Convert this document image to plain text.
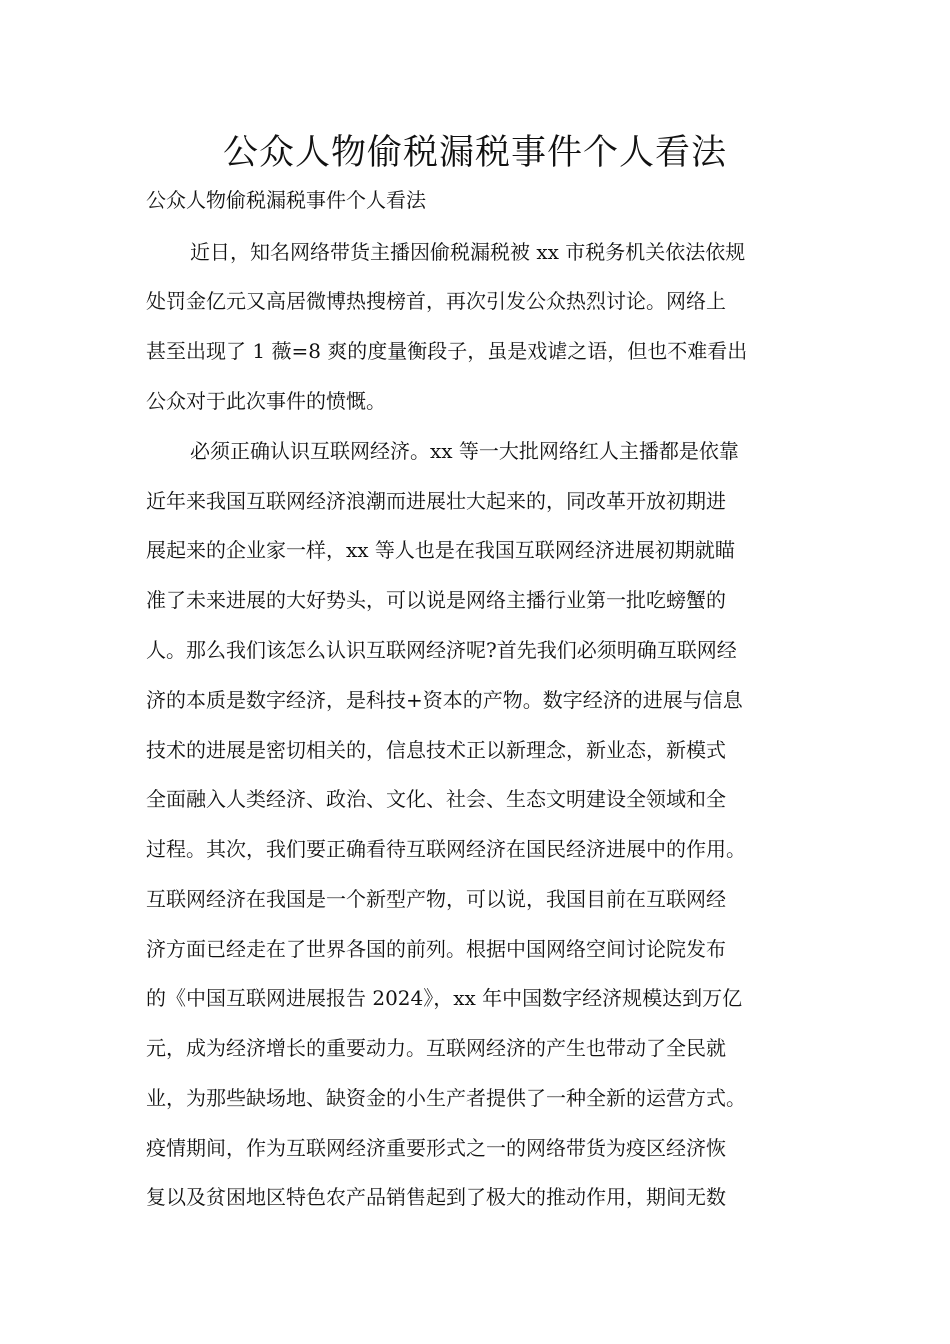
公众人物偷税漏税事件个人看法

公众人物偷税漏税事件个人看法

近日，知名网络带货主播因偷税漏税被 xx 市税务机关依法依规

处罚金亿元又高居微博热搜榜首，再次引发公众热烈讨论。网络上

甚至出现了 1 薇=8 爽的度量衡段子，虽是戏谑之语，但也不难看出

公众对于此次事件的愤慨。

必须正确认识互联网经济。xx 等一大批网络红人主播都是依靠

近年来我国互联网经济浪潮而进展壮大起来的，同改革开放初期进

展起来的企业家一样，xx 等人也是在我国互联网经济进展初期就瞄

准了未来进展的大好势头，可以说是网络主播行业第一批吃螃蟹的

人。那么我们该怎么认识互联网经济呢?首先我们必须明确互联网经

济的本质是数字经济，是科技+资本的产物。数字经济的进展与信息

技术的进展是密切相关的，信息技术正以新理念，新业态，新模式

全面融入人类经济、政治、文化、社会、生态文明建设全领域和全

过程。其次，我们要正确看待互联网经济在国民经济进展中的作用。

互联网经济在我国是一个新型产物，可以说，我国目前在互联网经

济方面已经走在了世界各国的前列。根据中国网络空间讨论院发布

的《中国互联网进展报告 2024》，xx 年中国数字经济规模达到万亿

元，成为经济增长的重要动力。互联网经济的产生也带动了全民就

业，为那些缺场地、缺资金的小生产者提供了一种全新的运营方式。

疫情期间，作为互联网经济重要形式之一的网络带货为疫区经济恢

复以及贫困地区特色农产品销售起到了极大的推动作用，期间无数
